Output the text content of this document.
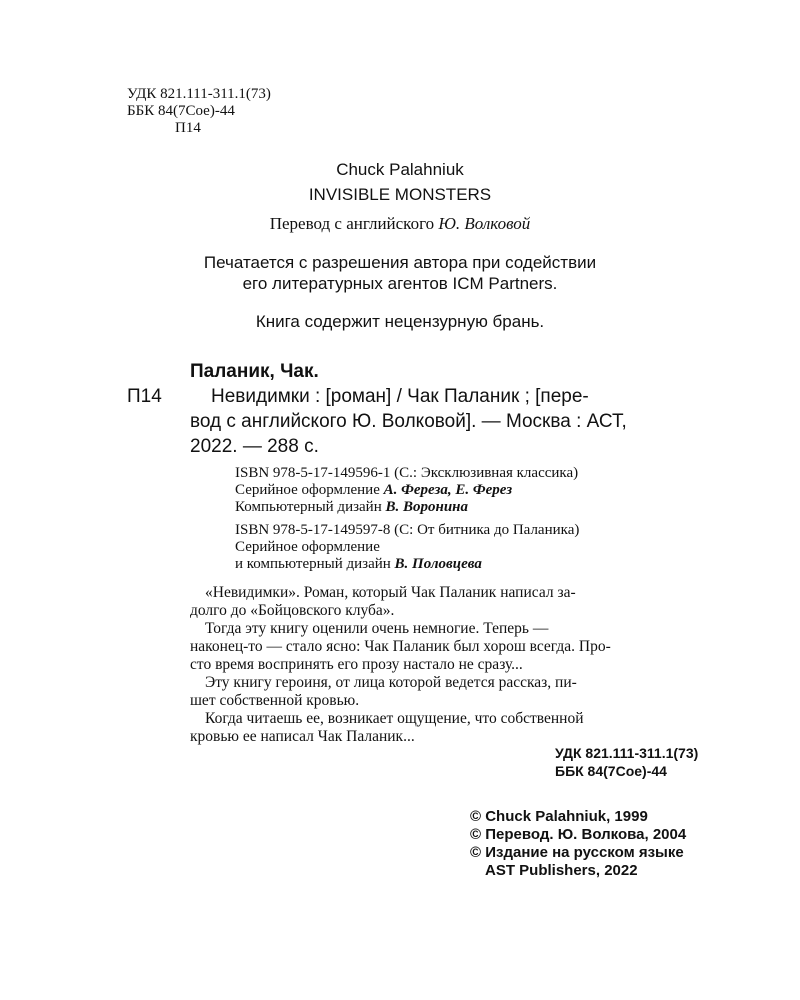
УДК 821.111-311.1(73)
ББК 84(7Сое)-44
П14
Chuck Palahniuk
INVISIBLE MONSTERS
Перевод с английского Ю. Волковой
Печатается с разрешения автора при содействии
его литературных агентов ICM Partners.
Книга содержит нецензурную брань.
Паланик, Чак.
П14	Невидимки : [роман] / Чак Паланик ; [пере-
вод с английского Ю. Волковой]. — Москва : АСТ,
2022. — 288 с.
ISBN 978-5-17-149596-1 (С.: Эксклюзивная классика)
Серийное оформление А. Фереза, Е. Ферез
Компьютерный дизайн В. Воронина
ISBN 978-5-17-149597-8 (С: От битника до Паланика)
Серийное оформление
и компьютерный дизайн В. Половцева
«Невидимки». Роман, который Чак Паланик написал за-
долго до «Бойцовского клуба».
Тогда эту книгу оценили очень немногие. Теперь —
наконец-то — стало ясно: Чак Паланик был хорош всегда. Про-
сто время воспринять его прозу настало не сразу...
Эту книгу героиня, от лица которой ведется рассказ, пи-
шет собственной кровью.
Когда читаешь ее, возникает ощущение, что собственной
кровью ее написал Чак Паланик...
УДК 821.111-311.1(73)
ББК 84(7Сое)-44
© Chuck Palahniuk, 1999
© Перевод. Ю. Волкова, 2004
© Издание на русском языке
AST Publishers, 2022
